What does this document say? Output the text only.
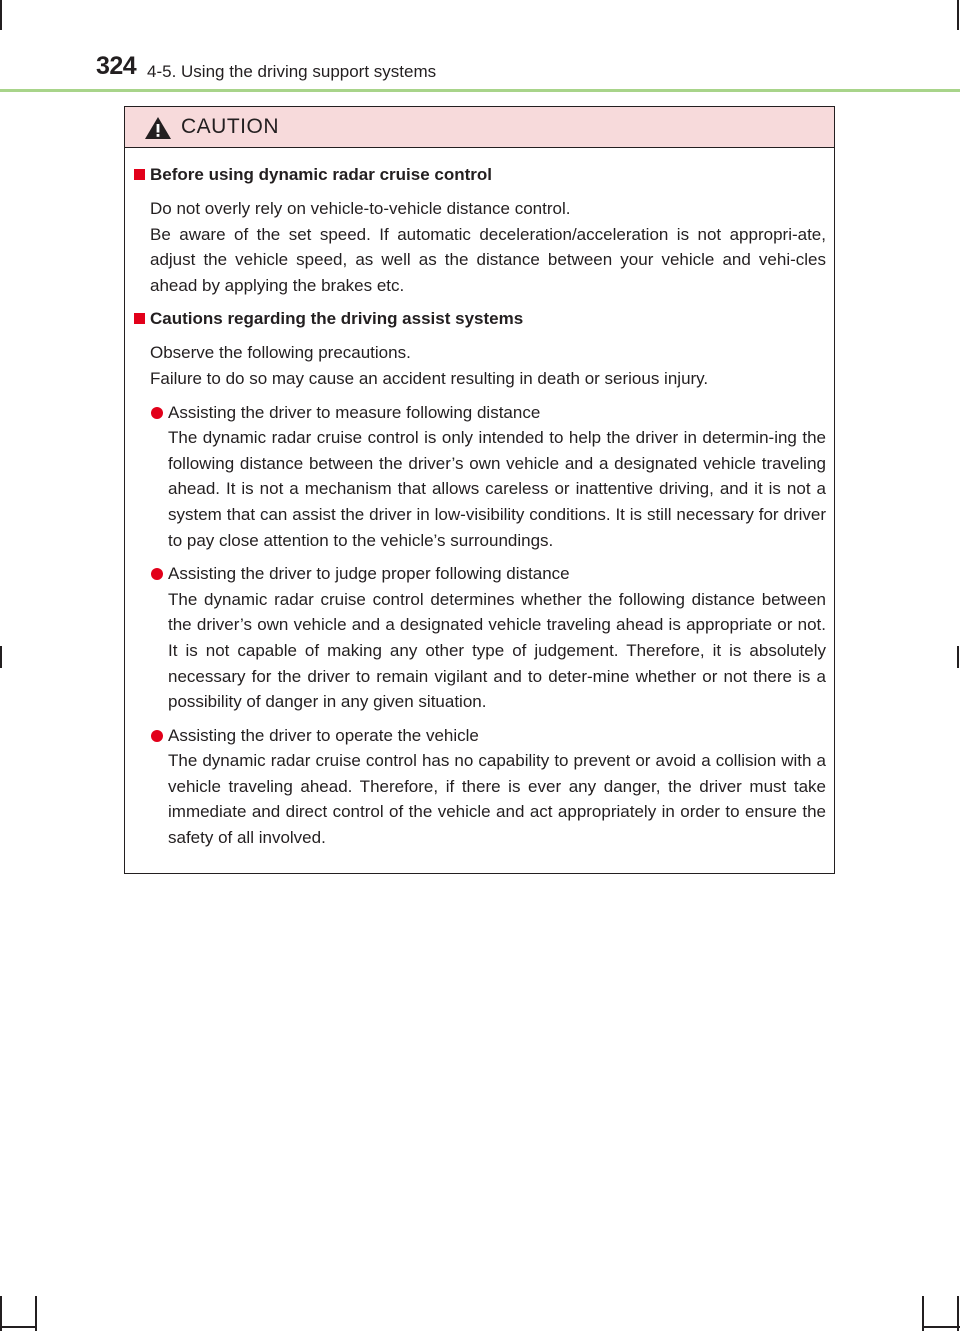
324 4-5. Using the driving support systems
CAUTION
Before using dynamic radar cruise control

Do not overly rely on vehicle-to-vehicle distance control.

Be aware of the set speed. If automatic deceleration/acceleration is not appropri-ate, adjust the vehicle speed, as well as the distance between your vehicle and vehi-cles ahead by applying the brakes etc.

Cautions regarding the driving assist systems

Observe the following precautions.

Failure to do so may cause an accident resulting in death or serious injury.

Assisting the driver to measure following distance
The dynamic radar cruise control is only intended to help the driver in determin-ing the following distance between the driver’s own vehicle and a designated vehicle traveling ahead. It is not a mechanism that allows careless or inattentive driving, and it is not a system that can assist the driver in low-visibility conditions. It is still necessary for driver to pay close attention to the vehicle’s surroundings.
Assisting the driver to judge proper following distance
The dynamic radar cruise control determines whether the following distance between the driver’s own vehicle and a designated vehicle traveling ahead is appropriate or not. It is not capable of making any other type of judgement. Therefore, it is absolutely necessary for the driver to remain vigilant and to deter-mine whether or not there is a possibility of danger in any given situation.
Assisting the driver to operate the vehicle
The dynamic radar cruise control has no capability to prevent or avoid a collision with a vehicle traveling ahead. Therefore, if there is ever any danger, the driver must take immediate and direct control of the vehicle and act appropriately in order to ensure the safety of all involved.
